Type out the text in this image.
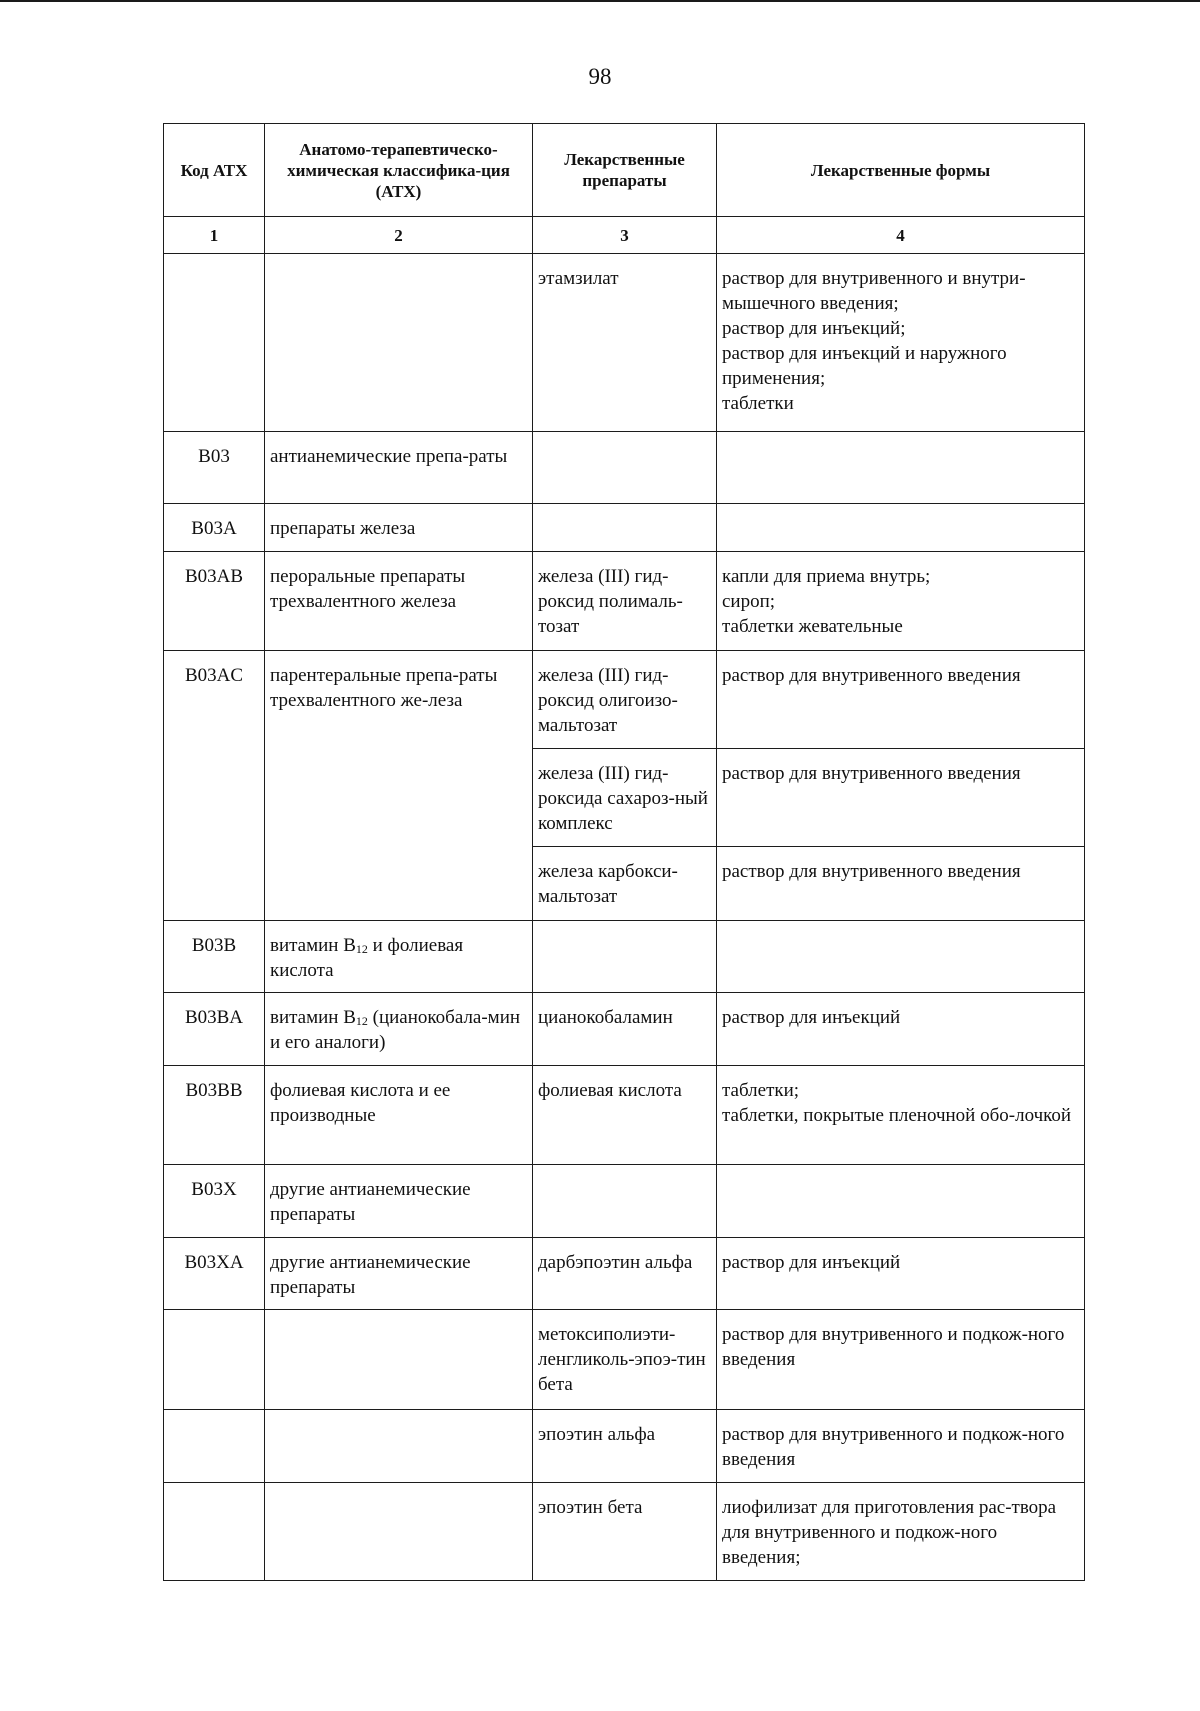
98
Код АТХ	Анатомо-терапевтическо-химическая классифика-ция (АТХ)	Лекарственные препараты	Лекарственные формы
1	2	3	4
		этамзилат	раствор для внутривенного и внутри-мышечного введения;
раствор для инъекций;
раствор для инъекций и наружного применения;
таблетки

B03	антианемические препа-раты		
B03A	препараты железа		
B03AB	пероральные препараты трехвалентного железа	железа (III) гид-роксид полималь-тозат	капли для приема внутрь;
сироп;
таблетки жевательные

B03AC	парентеральные препа-раты трехвалентного же-леза	железа (III) гид-роксид олигоизо-мальтозат	раствор для внутривенного введения

		железа (III) гид-роксида сахароз-ный комплекс	раствор для внутривенного введения

		железа карбокси-мальтозат	раствор для внутривенного введения

B03B	витамин $B_{12}$ и фолиевая кислота		
B03BA	витамин $B_{12}$ (цианокобала-мин и его аналоги)	цианокобаламин	раствор для инъекций

B03BB	фолиевая кислота и ее производные	фолиевая кислота	таблетки;
таблетки, покрытые пленочной обо-лочкой

B03X	другие антианемические препараты		
B03XA	другие антианемические препараты	дарбэпоэтин альфа	раствор для инъекций

		метоксиполиэти-ленгликоль-эпоэ-тин бета	раствор для внутривенного и подкож-ного введения

		эпоэтин альфа	раствор для внутривенного и подкож-ного введения

		эпоэтин бета	лиофилизат для приготовления рас-твора для внутривенного и подкож-ного введения;
